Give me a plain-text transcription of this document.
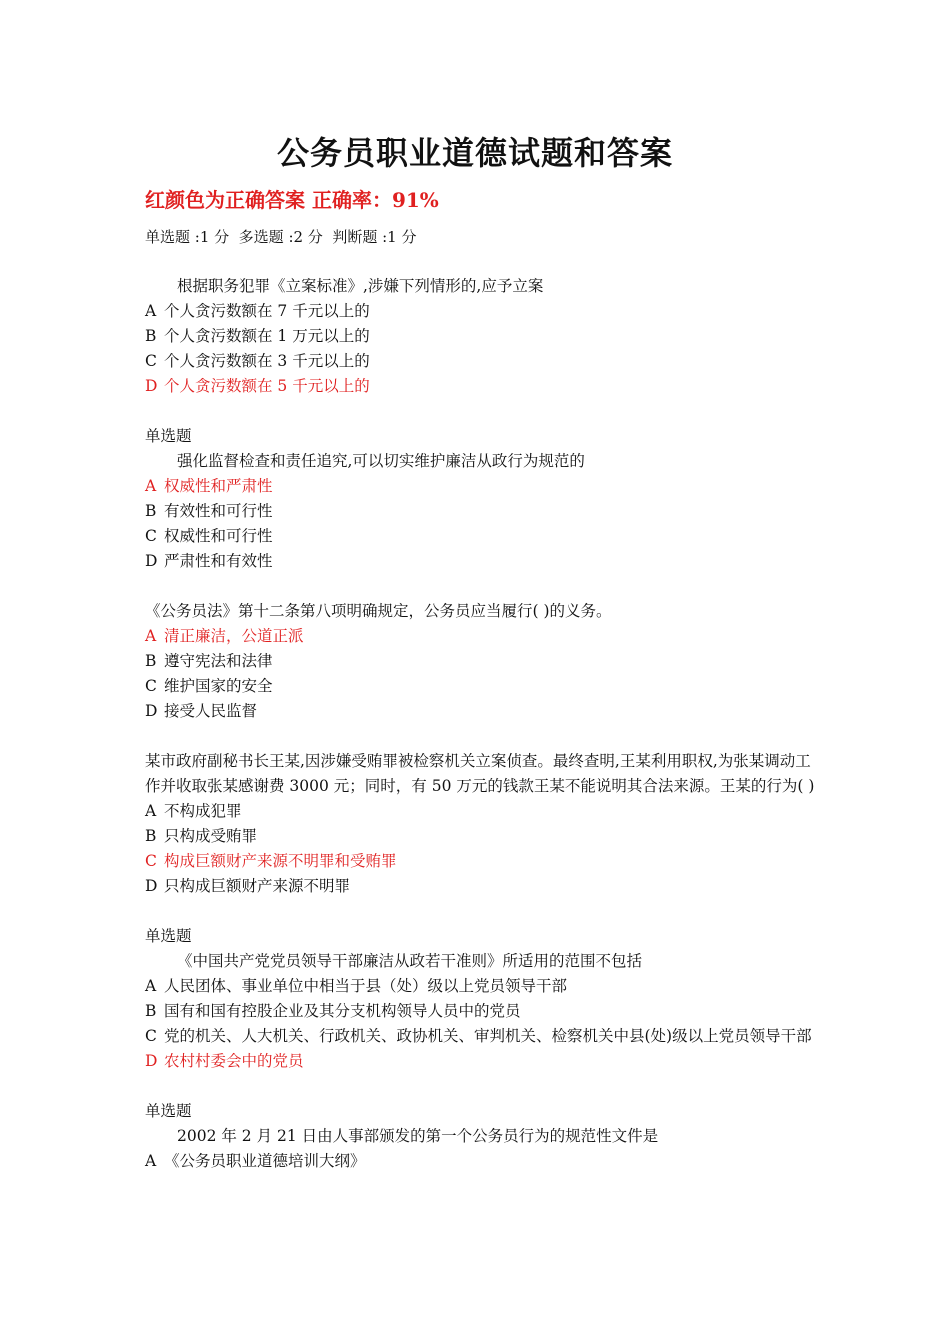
公务员职业道德试题和答案

红颜色为正确答案 正确率：91%

单选题 :1 分  多选题 :2 分  判断题 :1 分

根据职务犯罪《立案标准》,涉嫌下列情形的,应予立案
A 个人贪污数额在 7 千元以上的
B 个人贪污数额在 1 万元以上的
C 个人贪污数额在 3 千元以上的
D 个人贪污数额在 5 千元以上的
单选题
强化监督检查和责任追究,可以切实维护廉洁从政行为规范的
A 权威性和严肃性
B 有效性和可行性
C 权威性和可行性
D 严肃性和有效性
《公务员法》第十二条第八项明确规定，公务员应当履行( )的义务。
A 清正廉洁，公道正派
B 遵守宪法和法律
C 维护国家的安全
D 接受人民监督
某市政府副秘书长王某,因涉嫌受贿罪被检察机关立案侦查。最终查明,王某利用职权,为张某调动工作并收取张某感谢费 3000 元；同时，有 50 万元的钱款王某不能说明其合法来源。王某的行为( )
A 不构成犯罪
B 只构成受贿罪
C 构成巨额财产来源不明罪和受贿罪
D 只构成巨额财产来源不明罪
单选题
《中国共产党党员领导干部廉洁从政若干准则》所适用的范围不包括
A 人民团体、事业单位中相当于县（处）级以上党员领导干部
B 国有和国有控股企业及其分支机构领导人员中的党员
C 党的机关、人大机关、行政机关、政协机关、审判机关、检察机关中县(处)级以上党员领导干部
D 农村村委会中的党员
单选题
2002 年 2 月 21 日由人事部颁发的第一个公务员行为的规范性文件是
A 《公务员职业道德培训大纲》
